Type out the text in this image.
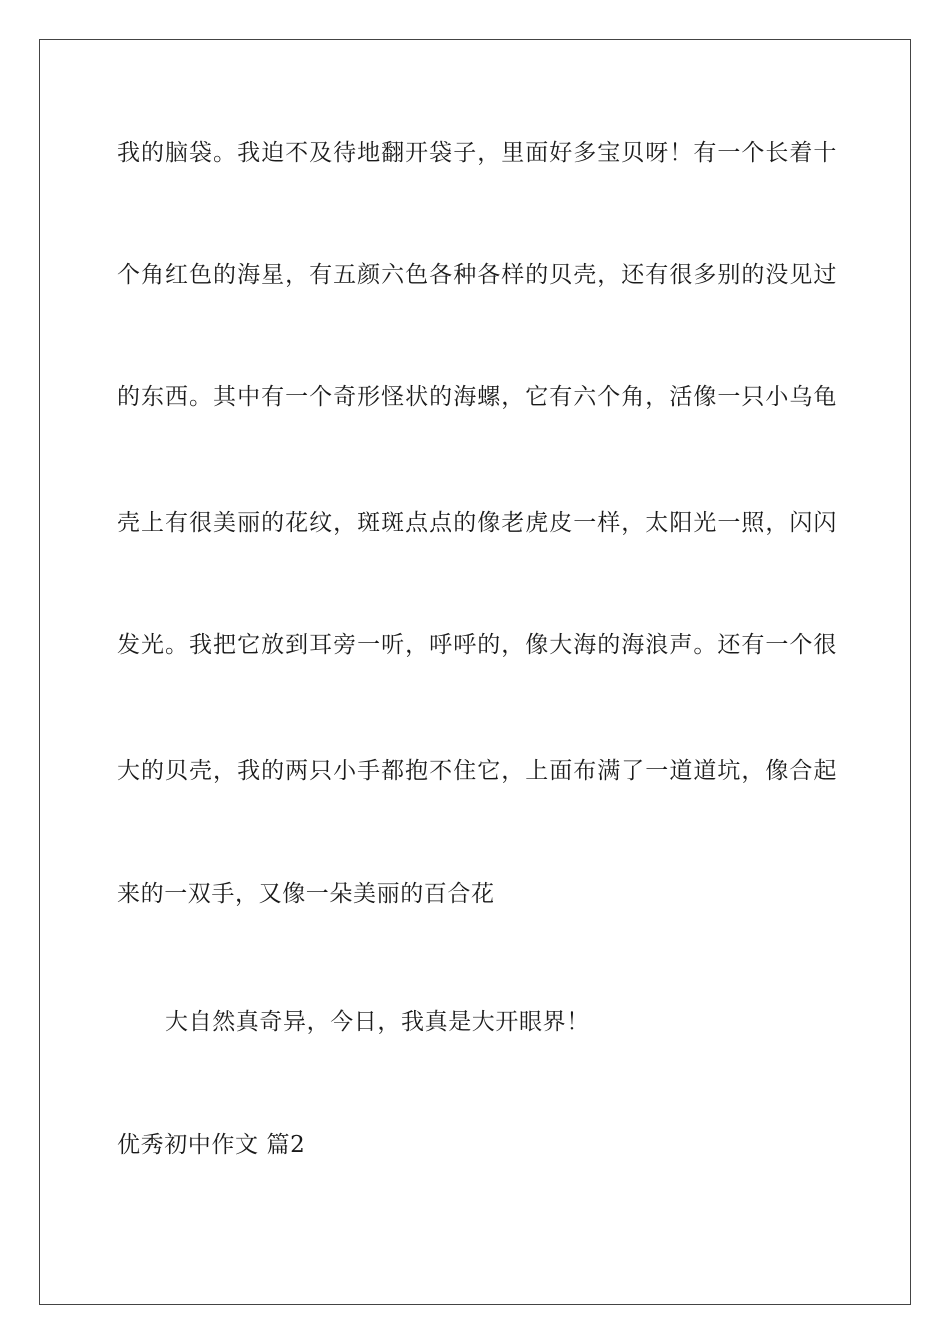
我的脑袋。我迫不及待地翻开袋子，里面好多宝贝呀！有一个长着十
个角红色的海星，有五颜六色各种各样的贝壳，还有很多别的没见过
的东西。其中有一个奇形怪状的海螺，它有六个角，活像一只小乌龟
壳上有很美丽的花纹，斑斑点点的像老虎皮一样，太阳光一照，闪闪
发光。我把它放到耳旁一听，呼呼的，像大海的海浪声。还有一个很
大的贝壳，我的两只小手都抱不住它，上面布满了一道道坑，像合起
来的一双手，又像一朵美丽的百合花
大自然真奇异，今日，我真是大开眼界！
优秀初中作文 篇2
